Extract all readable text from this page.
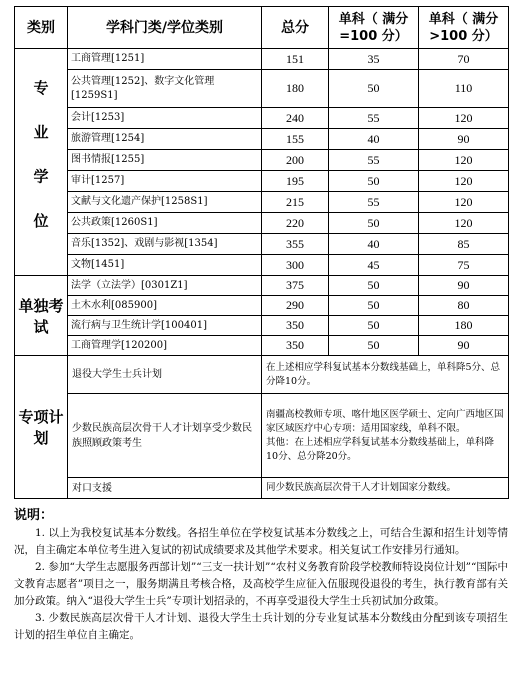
类别	学科门类/学位类别	总分	单科（ 满分=100 分）	单科（ 满分>100 分）
专 业 学 位	工商管理[1251]	151	35	70
	公共管理[1252]、数字文化管理[1259S1]	180	50	110
	会计[1253]	240	55	120
	旅游管理[1254]	155	40	90
	图书情报[1255]	200	55	120
	审计[1257]	195	50	120
	文献与文化遗产保护[1258S1]	215	55	120
	公共政策[1260S1]	220	50	120
	音乐[1352]、戏剧与影视[1354]	355	40	85
	文物[1451]	300	45	75
单独考试	法学（立法学）[0301Z1]	375	50	90
	土木水利[085900]	290	50	80
	流行病与卫生统计学[100401]	350	50	180
	工商管理学[120200]	350	50	90
专项计划	退役大学生士兵计划	在上述相应学科复试基本分数线基础上，单科降5分、总分降10分。		
	少数民族高层次骨干人才计划享受少数民族照顾政策考生	南疆高校教师专项、喀什地区医学硕士、定向广西地区国家区域医疗中心专项：适用国家线，单科不限。
其他：在上述相应学科复试基本分数线基础上，单科降10分、总分降20分。		

	对口支援	同少数民族高层次骨干人才计划国家分数线。		
说明：

1. 以上为我校复试基本分数线。各招生单位在学校复试基本分数线之上，可结合生源和招生计划等情况，自主确定本单位考生进入复试的初试成绩要求及其他学术要求。相关复试工作安排另行通知。

2. 参加“大学生志愿服务西部计划”“三支一扶计划”“农村义务教育阶段学校教师特设岗位计划”“国际中文教育志愿者”项目之一，服务期满且考核合格，及高校学生应征入伍服现役退役的考生，执行教育部有关加分政策。纳入“退役大学生士兵”专项计划招录的，不再享受退役大学生士兵初试加分政策。

3. 少数民族高层次骨干人才计划、退役大学生士兵计划的分专业复试基本分数线由分配到该专项招生计划的招生单位自主确定。
